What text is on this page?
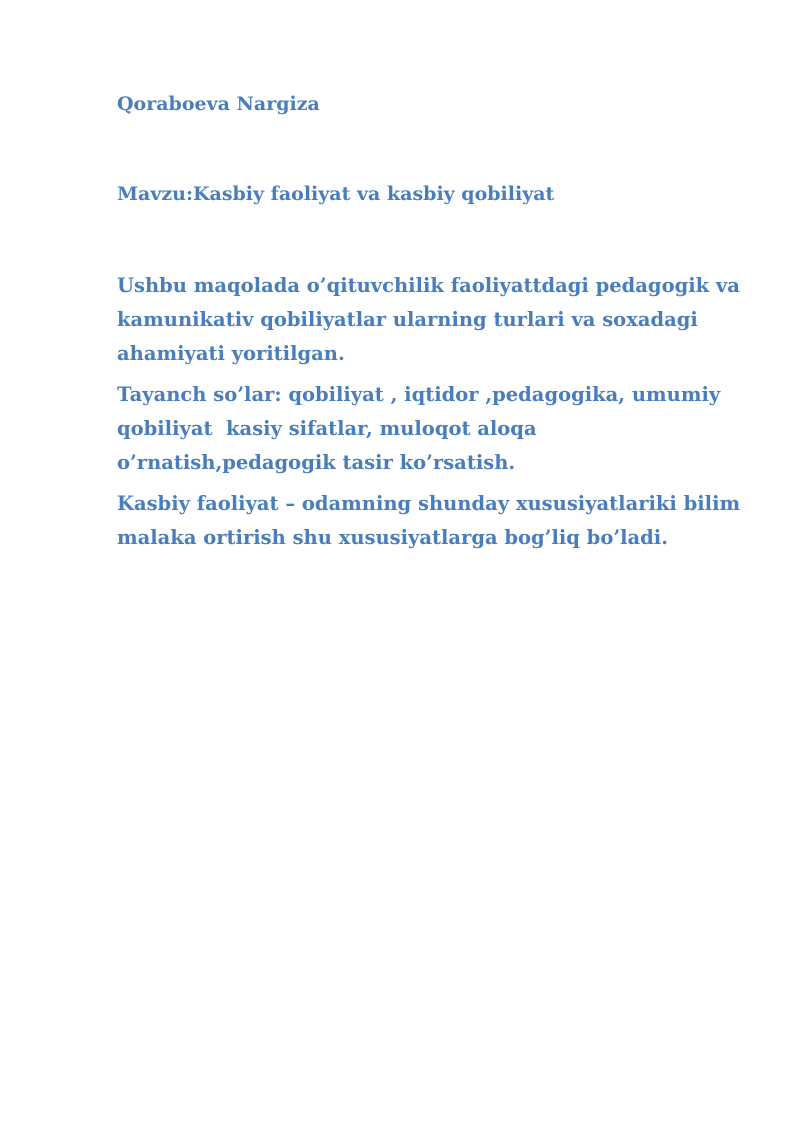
Qoraboeva Nargiza

Mavzu:Kasbiy faoliyat va kasbiy qobiliyat

Ushbu maqolada o’qituvchilik faoliyattdagi pedagogik va
kamunikativ qobiliyatlar ularning turlari va soxadagi
ahamiyati yoritilgan.
Tayanch so’lar: qobiliyat , iqtidor ,pedagogika, umumiy
qobiliyat  kasiy sifatlar, muloqot aloqa
o’rnatish,pedagogik tasir ko’rsatish.
Kasbiy faoliyat – odamning shunday xususiyatlariki bilim
malaka ortirish shu xususiyatlarga bog’liq bo’ladi.
